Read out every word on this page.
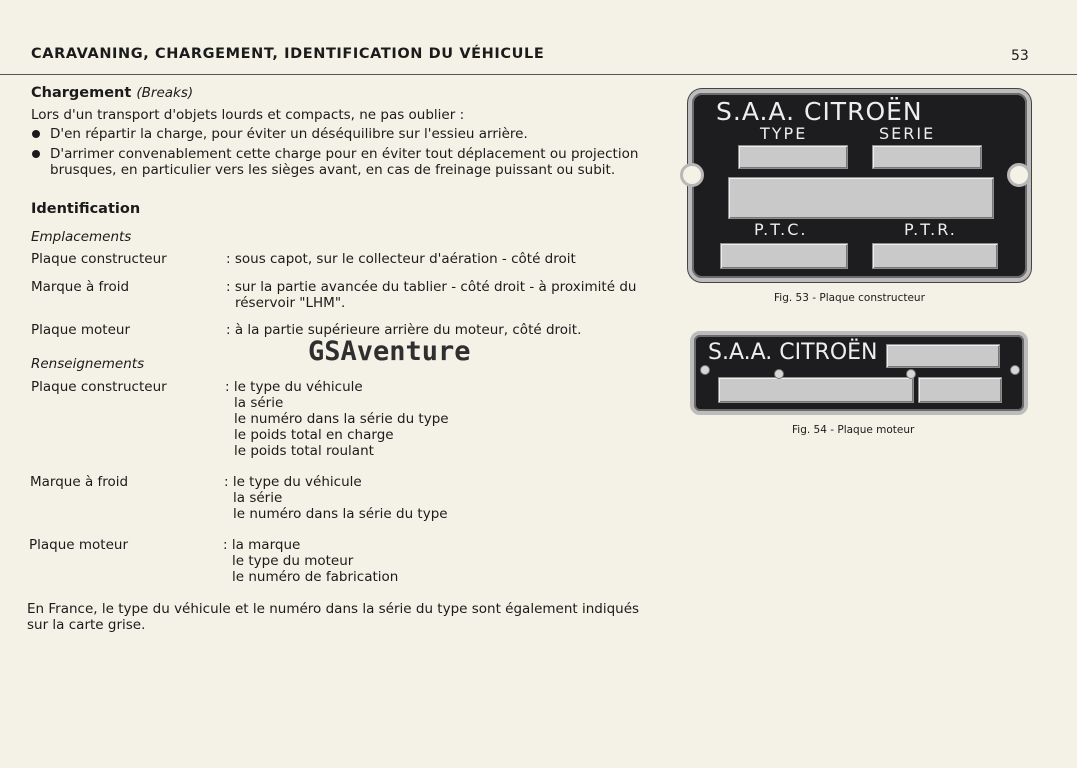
CARAVANING, CHARGEMENT, IDENTIFICATION DU VÉHICULE	53
Chargement (Breaks)
Lors d'un transport d'objets lourds et compacts, ne pas oublier :
D'en répartir la charge, pour éviter un déséquilibre sur l'essieu arrière.
D'arrimer convenablement cette charge pour en éviter tout déplacement ou projection
brusques, en particulier vers les sièges avant, en cas de freinage puissant ou subit.
Identification
Emplacements
Plaque constructeur	: sous capot, sur le collecteur d'aération - côté droit
Marque à froid	: sur la partie avancée du tablier - côté droit - à proximité du
réservoir "LHM".
Plaque moteur	: à la partie supérieure arrière du moteur, côté droit.
GSAventure
Renseignements
Plaque constructeur	: le type du véhicule
la série
le numéro dans la série du type
le poids total en charge
le poids total roulant
Marque à froid	: le type du véhicule
la série
le numéro dans la série du type
Plaque moteur	: la marque
le type du moteur
le numéro de fabrication
En France, le type du véhicule et le numéro dans la série du type sont également indiqués
sur la carte grise.
S.A.A. CITROËN
TYPE	SERIE
P.T.C.	P.T.R.
Fig. 53 - Plaque constructeur
S.A.A. CITROËN
Fig. 54 - Plaque moteur
